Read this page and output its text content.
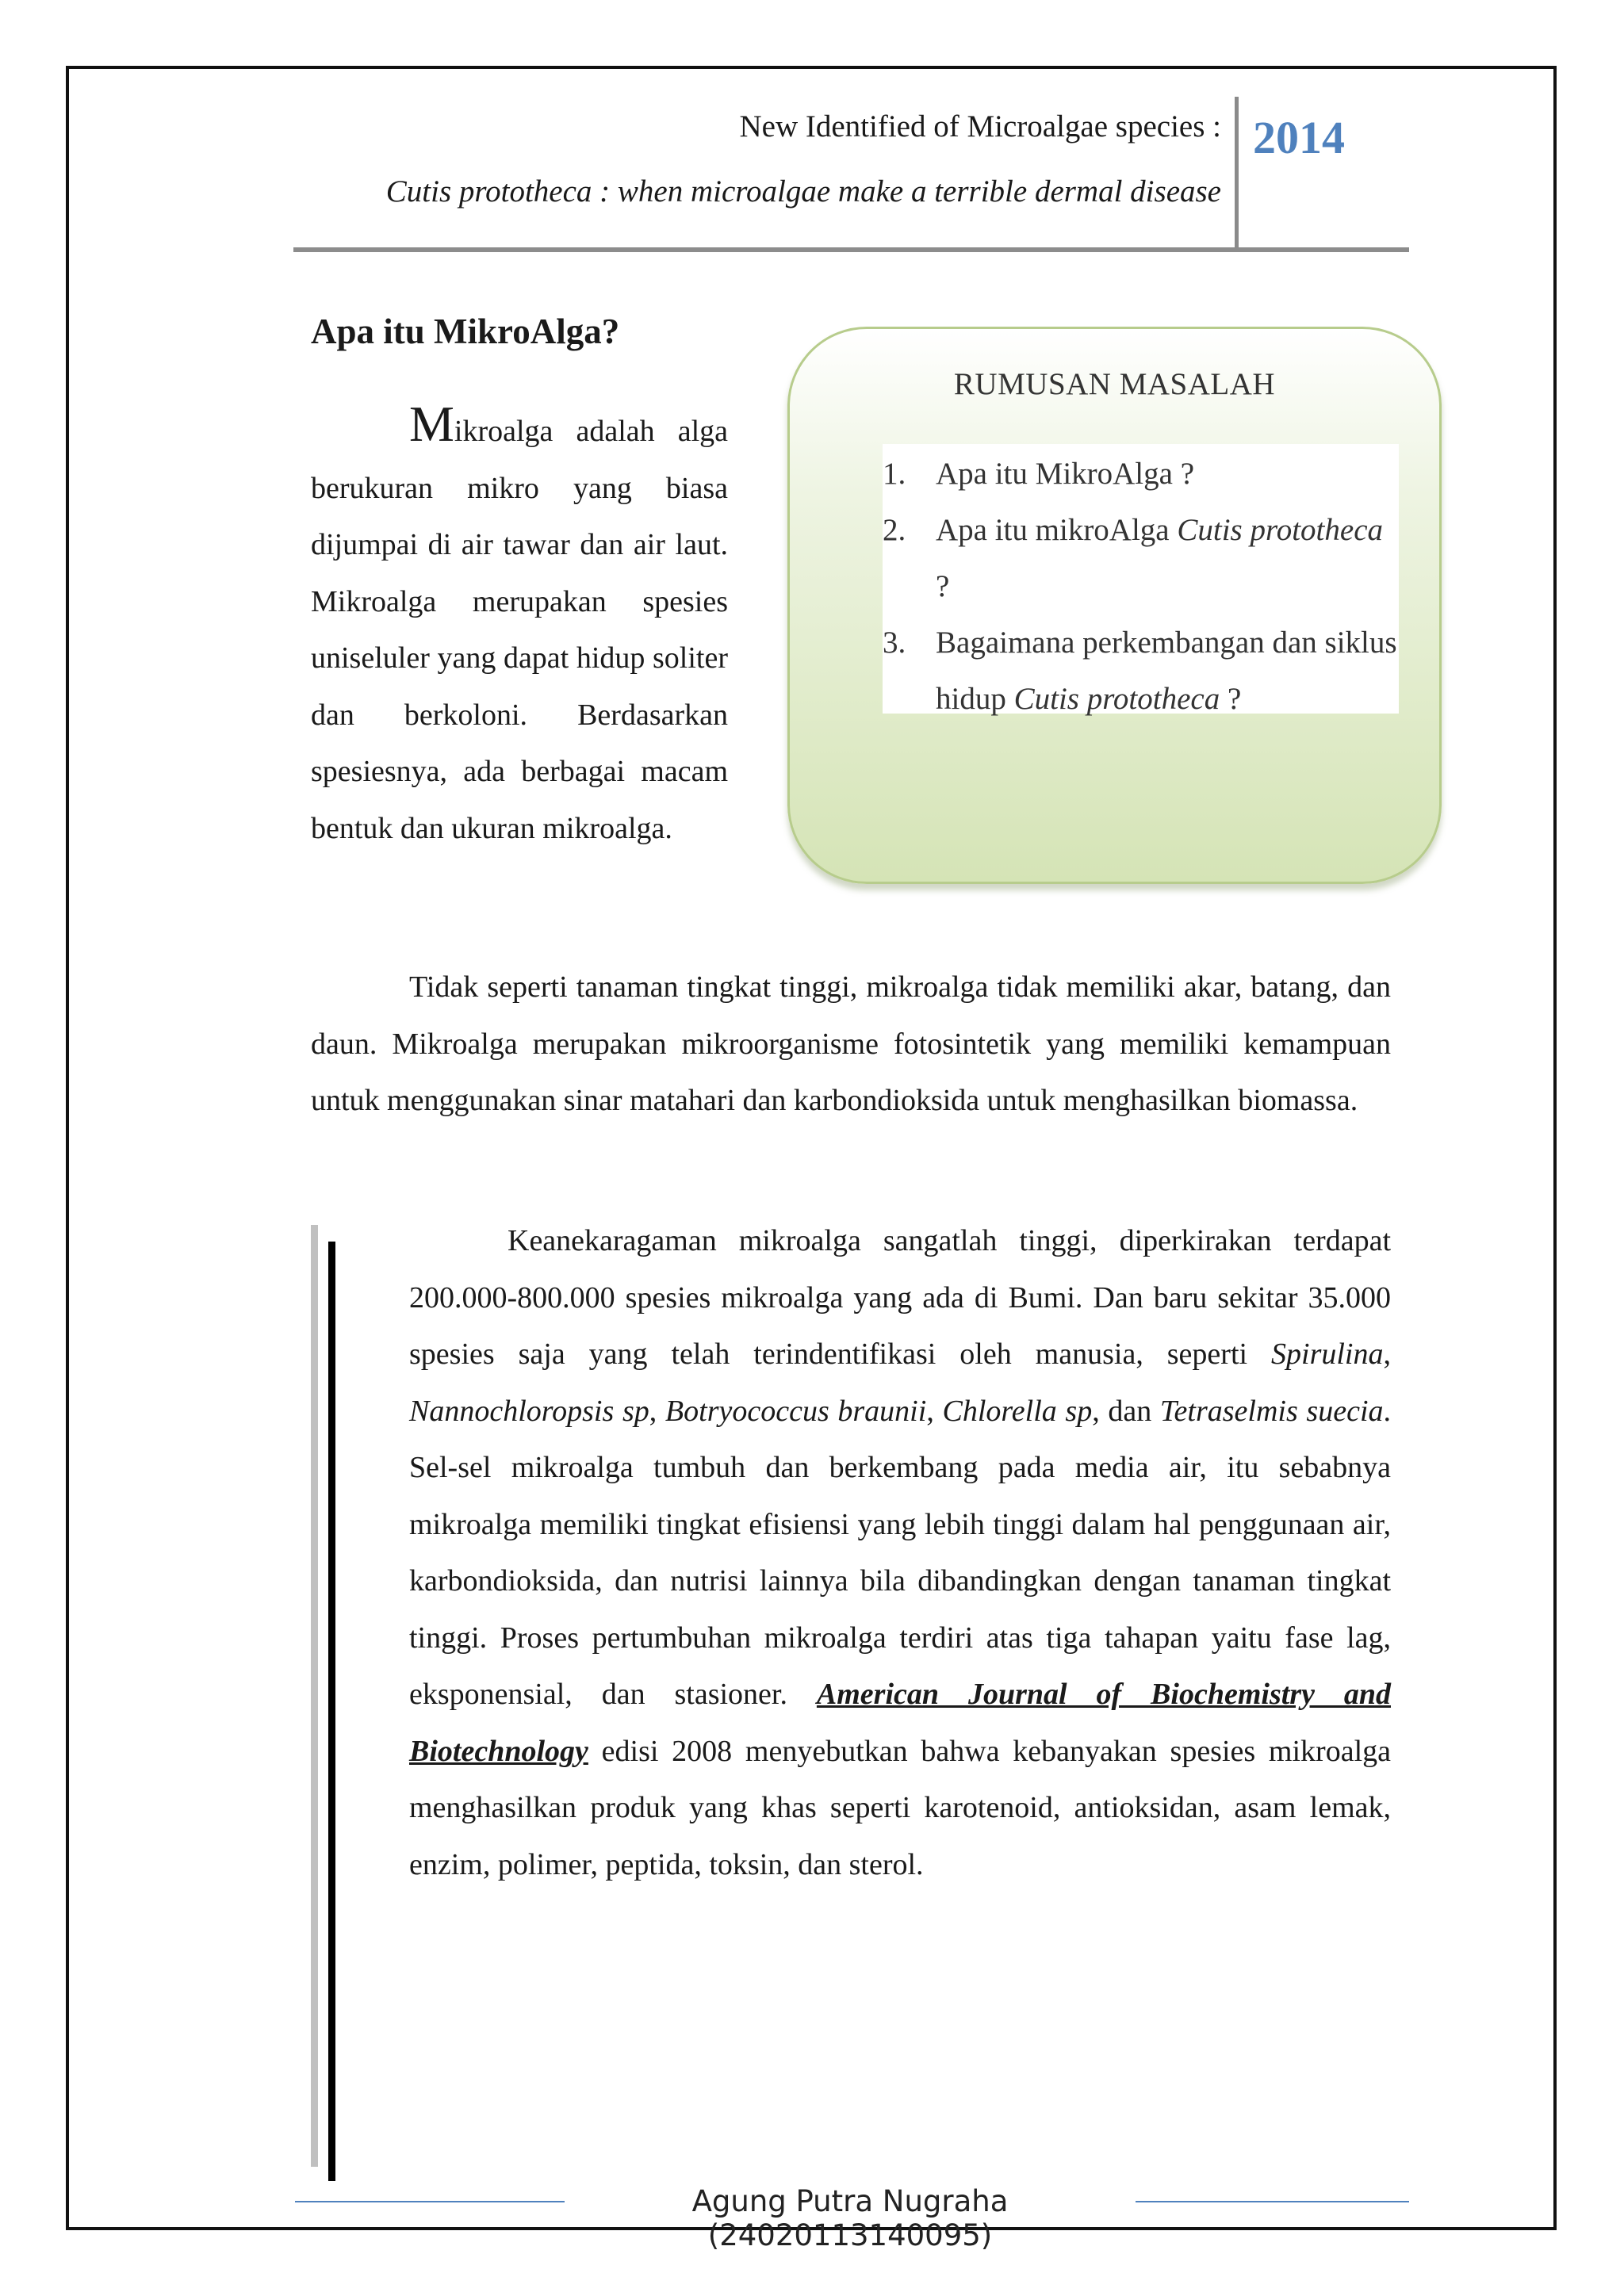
New Identified of Microalgae species :
Cutis prototheca : when microalgae make a terrible dermal disease
2014
Apa itu MikroAlga?
Mikroalga adalah alga berukuran mikro yang biasa dijumpai di air tawar dan air laut. Mikroalga merupakan spesies uniseluler yang dapat hidup soliter dan berkoloni. Berdasarkan spesiesnya, ada berbagai macam bentuk dan ukuran mikroalga.
RUMUSAN MASALAH
1. Apa itu MikroAlga ?
2. Apa itu mikroAlga Cutis prototheca ?
3. Bagaimana perkembangan dan siklus hidup Cutis prototheca ?
Tidak seperti tanaman tingkat tinggi, mikroalga tidak memiliki akar, batang, dan daun. Mikroalga merupakan mikroorganisme fotosintetik yang memiliki kemampuan untuk menggunakan sinar matahari dan karbondioksida untuk menghasilkan biomassa.
Keanekaragaman mikroalga sangatlah tinggi, diperkirakan terdapat 200.000-800.000 spesies mikroalga yang ada di Bumi. Dan baru sekitar 35.000 spesies saja yang telah terindentifikasi oleh manusia, seperti Spirulina, Nannochloropsis sp, Botryococcus braunii, Chlorella sp, dan Tetraselmis suecia. Sel-sel mikroalga tumbuh dan berkembang pada media air, itu sebabnya mikroalga memiliki tingkat efisiensi yang lebih tinggi dalam hal penggunaan air, karbondioksida, dan nutrisi lainnya bila dibandingkan dengan tanaman tingkat tinggi. Proses pertumbuhan mikroalga terdiri atas tiga tahapan yaitu fase lag, eksponensial, dan stasioner. American Journal of Biochemistry and Biotechnology edisi 2008 menyebutkan bahwa kebanyakan spesies mikroalga menghasilkan produk yang khas seperti karotenoid, antioksidan, asam lemak, enzim, polimer, peptida, toksin, dan sterol.
Agung Putra Nugraha (24020113140095)
